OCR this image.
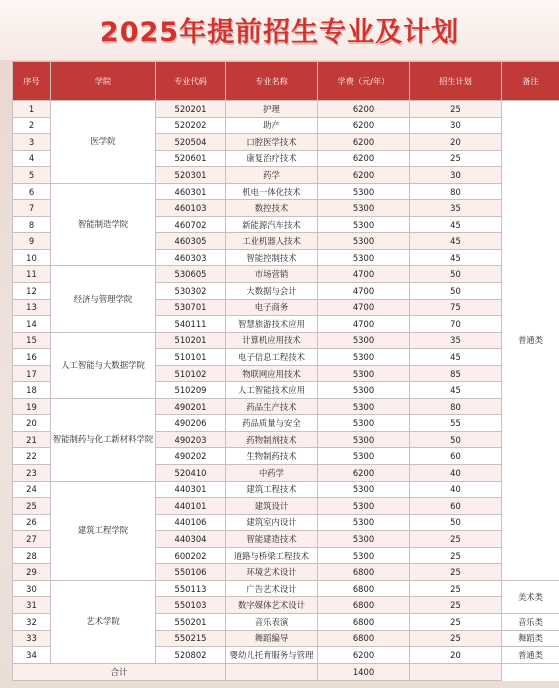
2025年提前招生专业及计划
序号	学院	专业代码	专业名称	学费（元/年）	招生计划	备注
1	医学院	520201	护理	6200	25	普通类
2		520202	助产	6200	30	
3		520504	口腔医学技术	6200	20	
4		520601	康复治疗技术	6200	25	
5		520301	药学	6200	30	
6	智能制造学院	460301	机电一体化技术	5300	80	
7		460103	数控技术	5300	35	
8		460702	新能源汽车技术	5300	45	
9		460305	工业机器人技术	5300	45	
10		460303	智能控制技术	5300	45	
11	经济与管理学院	530605	市场营销	4700	50	
12		530302	大数据与会计	4700	50	
13		530701	电子商务	4700	75	
14		540111	智慧旅游技术应用	4700	70	
15	人工智能与大数据学院	510201	计算机应用技术	5300	35	
16		510101	电子信息工程技术	5300	45	
17		510102	物联网应用技术	5300	85	
18		510209	人工智能技术应用	5300	45	
19	智能制药与化工新材料学院	490201	药品生产技术	5300	80	
20		490206	药品质量与安全	5300	55	
21		490203	药物制剂技术	5300	50	
22		490202	生物制药技术	5300	60	
23		520410	中药学	6200	40	
24	建筑工程学院	440301	建筑工程技术	5300	40	
25		440101	建筑设计	5300	60	
26		440106	建筑室内设计	5300	50	
27		440304	智能建造技术	5300	25	
28		600202	道路与桥梁工程技术	5300	25	
29		550106	环境艺术设计	6800	25	
30	艺术学院	550113	广告艺术设计	6800	25	美术类
31		550103	数字媒体艺术设计	6800	25	
32		550201	音乐表演	6800	25	音乐类
33		550215	舞蹈编导	6800	25	舞蹈类
34		520802	婴幼儿托育服务与管理	6200	20	普通类
合计				1400		
